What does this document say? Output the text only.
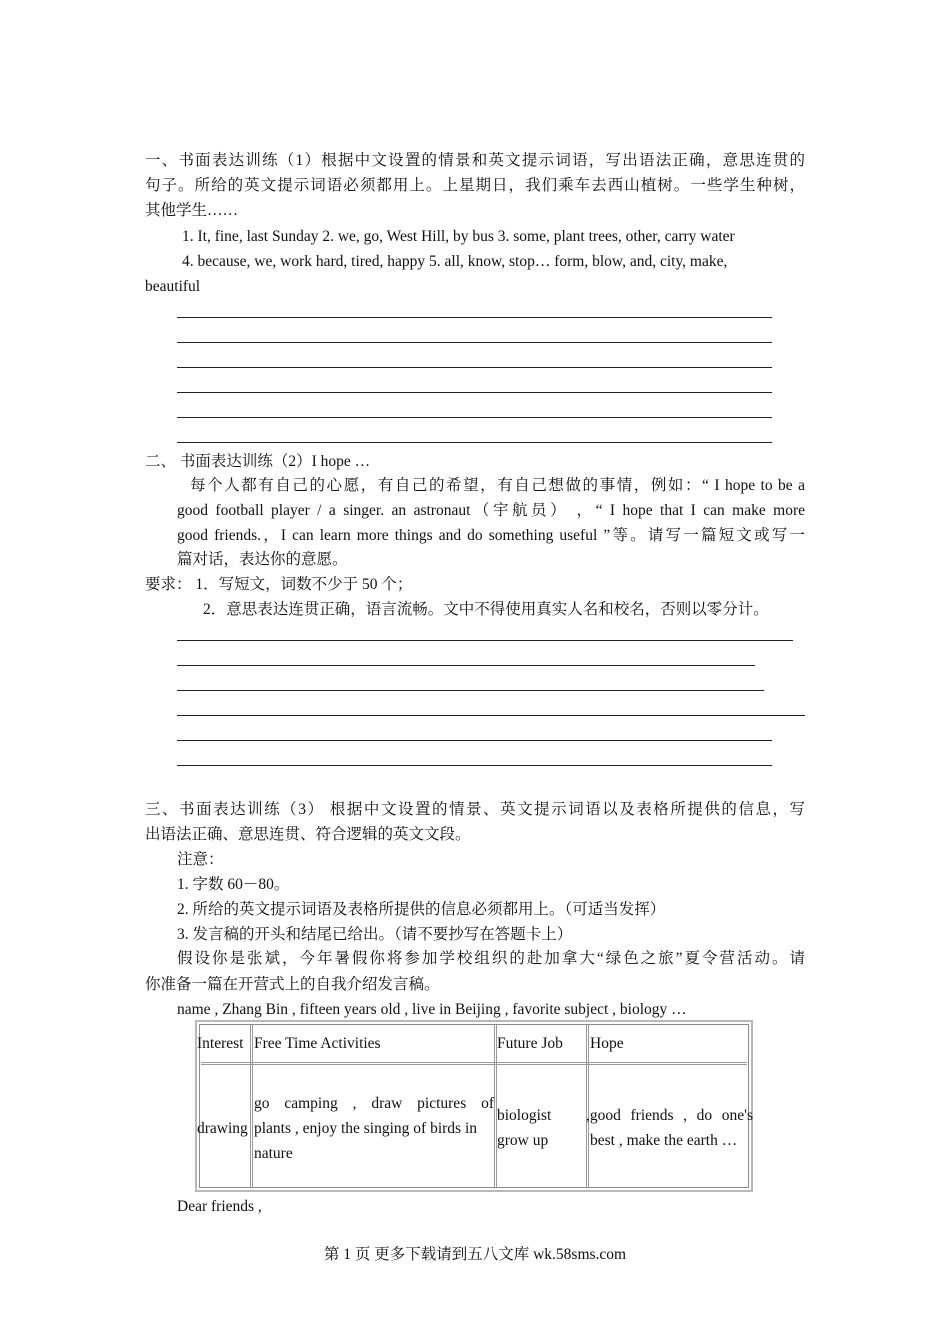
一、书面表达训练（1）根据中文设置的情景和英文提示词语，写出语法正确，意思连贯的
句子。所给的英文提示词语必须都用上。上星期日，我们乘车去西山植树。一些学生种树，
其他学生……
1. It, fine, last Sunday 2. we, go, West Hill, by bus 3. some, plant trees, other, carry water
4. because, we, work hard, tired, happy 5. all, know, stop… form, blow, and, city, make,
beautiful
二、 书面表达训练（2）I hope …
每个人都有自己的心愿，有自己的希望，有自己想做的事情，例如：“ I hope to be a
good football player / a singer. an astronaut（宇航员） ，“ I hope that I can make more
good friends.，I can learn more things and do something useful ”等。请写一篇短文或写一
篇对话，表达你的意愿。
要求： 1．写短文，词数不少于 50 个；
2．意思表达连贯正确，语言流畅。文中不得使用真实人名和校名，否则以零分计。
三、书面表达训练（3） 根据中文设置的情景、英文提示词语以及表格所提供的信息，写
出语法正确、意思连贯、符合逻辑的英文文段。
注意：
1. 字数 60－80。
2. 所给的英文提示词语及表格所提供的信息必须都用上。（可适当发挥）
3. 发言稿的开头和结尾已给出。（请不要抄写在答题卡上）
假设你是张斌，今年暑假你将参加学校组织的赴加拿大“绿色之旅”夏令营活动。请
你准备一篇在开营式上的自我介绍发言稿。
name , Zhang Bin , fifteen years old , live in Beijing , favorite subject , biology …
Interest Free Time Activities	Future Job Hope
drawing
go camping , draw pictures of
plants , enjoy the singing of birds in
nature
biologist
grow up
,good friends , do one's
best , make the earth …
Dear friends ,
第 1 页 更多下载请到五八文库 wk.58sms.com
